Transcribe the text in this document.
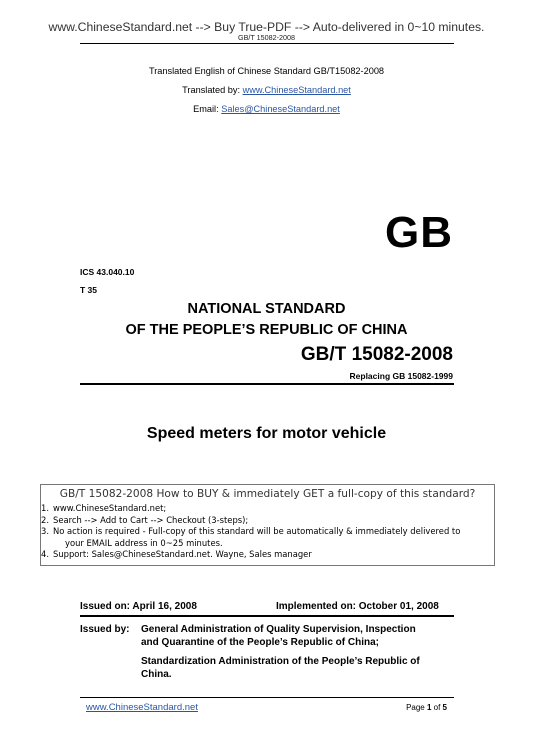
www.ChineseStandard.net --> Buy True-PDF --> Auto-delivered in 0~10 minutes.
GB/T 15082-2008
Translated English of Chinese Standard GB/T15082-2008
Translated by: www.ChineseStandard.net
Email: Sales@ChineseStandard.net
GB
ICS 43.040.10
T 35
NATIONAL STANDARD
OF THE PEOPLE’S REPUBLIC OF CHINA
GB/T 15082-2008
Replacing GB 15082-1999
Speed meters for motor vehicle
GB/T 15082-2008 How to BUY & immediately GET a full-copy of this standard?
1. www.ChineseStandard.net;
2. Search --> Add to Cart --> Checkout (3-steps);
3. No action is required - Full-copy of this standard will be automatically & immediately delivered to
your EMAIL address in 0~25 minutes.
4. Support: Sales@ChineseStandard.net. Wayne, Sales manager
Issued on: April 16, 2008	Implemented on: October 01, 2008
Issued by: General Administration of Quality Supervision, Inspection
and Quarantine of the People’s Republic of China;
Standardization Administration of the People’s Republic of
China.
www.ChineseStandard.net	Page 1 of 5
